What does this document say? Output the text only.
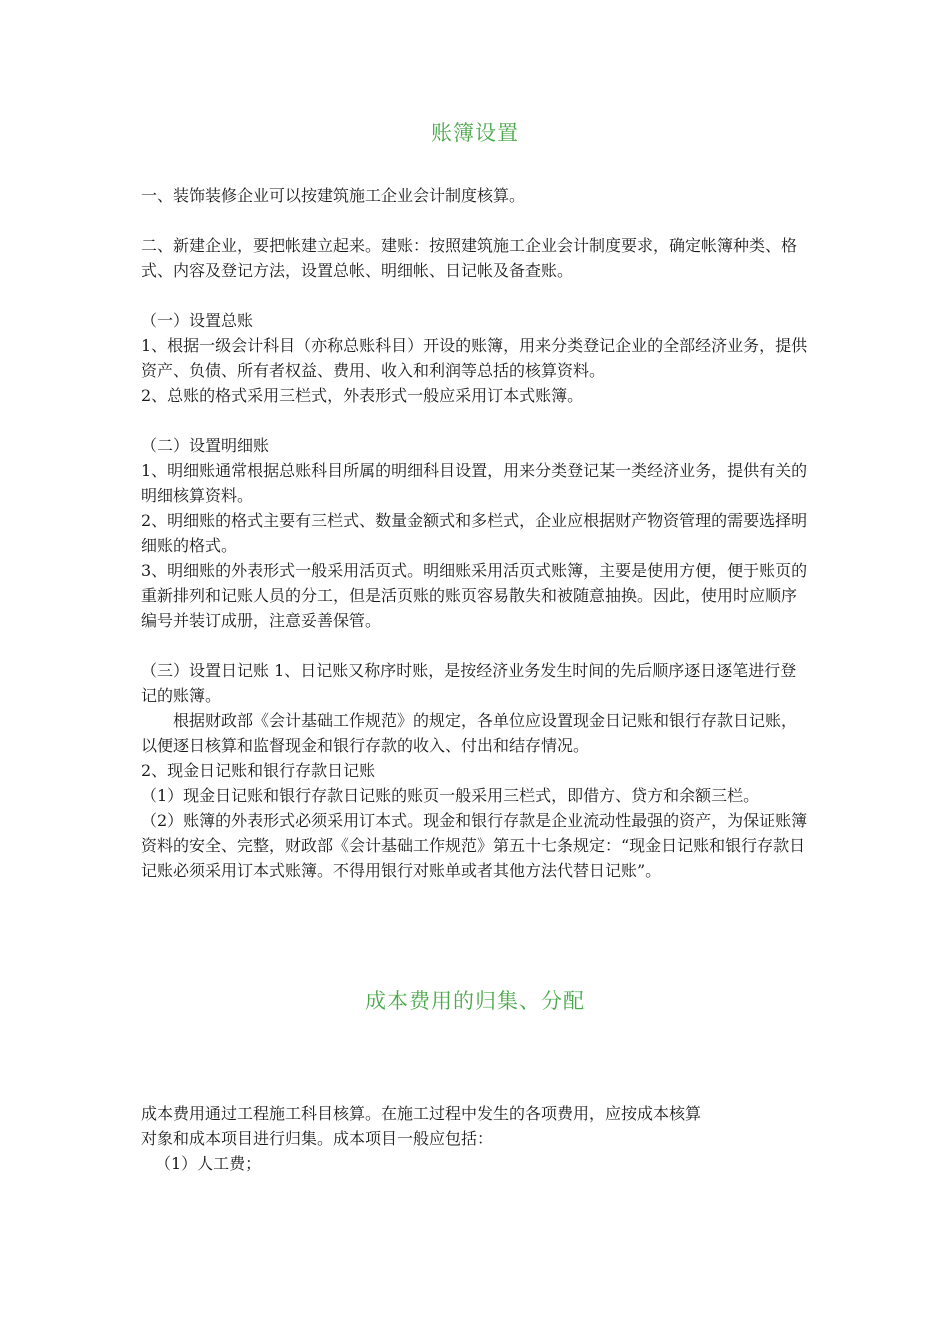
账簿设置

一、装饰装修企业可以按建筑施工企业会计制度核算。

二、新建企业，要把帐建立起来。建账：按照建筑施工企业会计制度要求，确定帐簿种类、格式、内容及登记方法，设置总帐、明细帐、日记帐及备查账。

（一）设置总账

1、根据一级会计科目（亦称总账科目）开设的账簿，用来分类登记企业的全部经济业务，提供资产、负债、所有者权益、费用、收入和利润等总括的核算资料。

2、总账的格式采用三栏式，外表形式一般应采用订本式账簿。

（二）设置明细账

1、明细账通常根据总账科目所属的明细科目设置，用来分类登记某一类经济业务，提供有关的明细核算资料。

2、明细账的格式主要有三栏式、数量金额式和多栏式，企业应根据财产物资管理的需要选择明细账的格式。

3、明细账的外表形式一般采用活页式。明细账采用活页式账簿，主要是使用方便，便于账页的重新排列和记账人员的分工，但是活页账的账页容易散失和被随意抽换。因此，使用时应顺序编号并装订成册，注意妥善保管。

（三）设置日记账 1、日记账又称序时账，是按经济业务发生时间的先后顺序逐日逐笔进行登记的账簿。

根据财政部《会计基础工作规范》的规定，各单位应设置现金日记账和银行存款日记账，以便逐日核算和监督现金和银行存款的收入、付出和结存情况。

2、现金日记账和银行存款日记账

（1）现金日记账和银行存款日记账的账页一般采用三栏式，即借方、贷方和余额三栏。

（2）账簿的外表形式必须采用订本式。现金和银行存款是企业流动性最强的资产，为保证账簿资料的安全、完整，财政部《会计基础工作规范》第五十七条规定：“现金日记账和银行存款日记账必须采用订本式账簿。不得用银行对账单或者其他方法代替日记账”。

成本费用的归集、分配

成本费用通过工程施工科目核算。在施工过程中发生的各项费用，应按成本核算

对象和成本项目进行归集。成本项目一般应包括：

（1）人工费；
